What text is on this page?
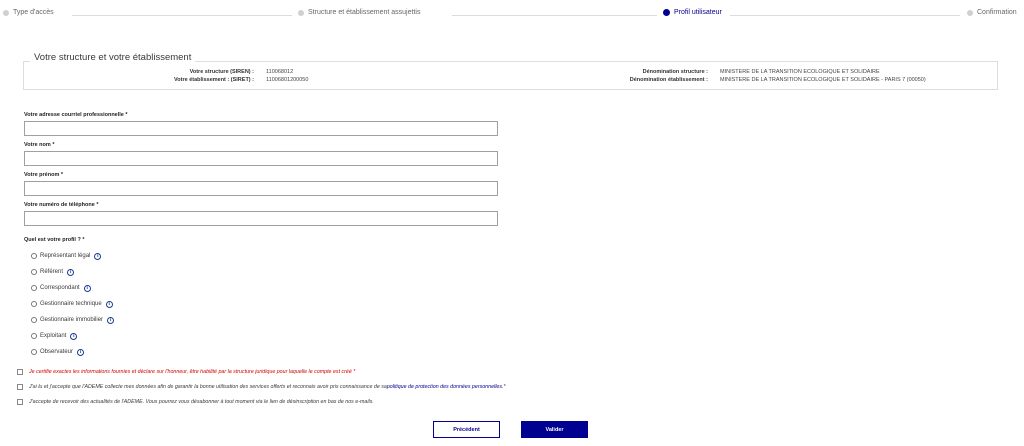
Type d'accès	Structure et établissement assujettis	Profil utilisateur	Confirmation
Votre structure et votre établissement
Votre structure (SIREN) : 110068012
Votre établissement : (SIRET) : 11006801200050
Dénomination structure : MINISTERE DE LA TRANSITION ECOLOGIQUE ET SOLIDAIRE
Dénomination établissement : MINISTERE DE LA TRANSITION ECOLOGIQUE ET SOLIDAIRE - PARIS 7 (00050)
Votre adresse courriel professionnelle *
Votre nom *
Votre prénom *
Votre numéro de téléphone *
Quel est votre profil ? *
Représentant légal	i
Référent	i
Correspondant	i
Gestionnaire technique	i
Gestionnaire immobilier	i
Exploitant	i
Observateur	i
Je certifie exactes les informations fournies et déclare sur l'honneur, être habilité par la structure juridique pour laquelle le compte est créé *
J'ai lu et j'accepte que l'ADEME collecte mes données afin de garantir la bonne utilisation des services offerts et reconnais avoir pris connaissance de sa politique de protection des données personnelles .*
J'accepte de recevoir des actualités de l'ADEME. Vous pourrez vous désabonner à tout moment via le lien de désinscription en bas de nos e-mails.
Précédent	Valider
